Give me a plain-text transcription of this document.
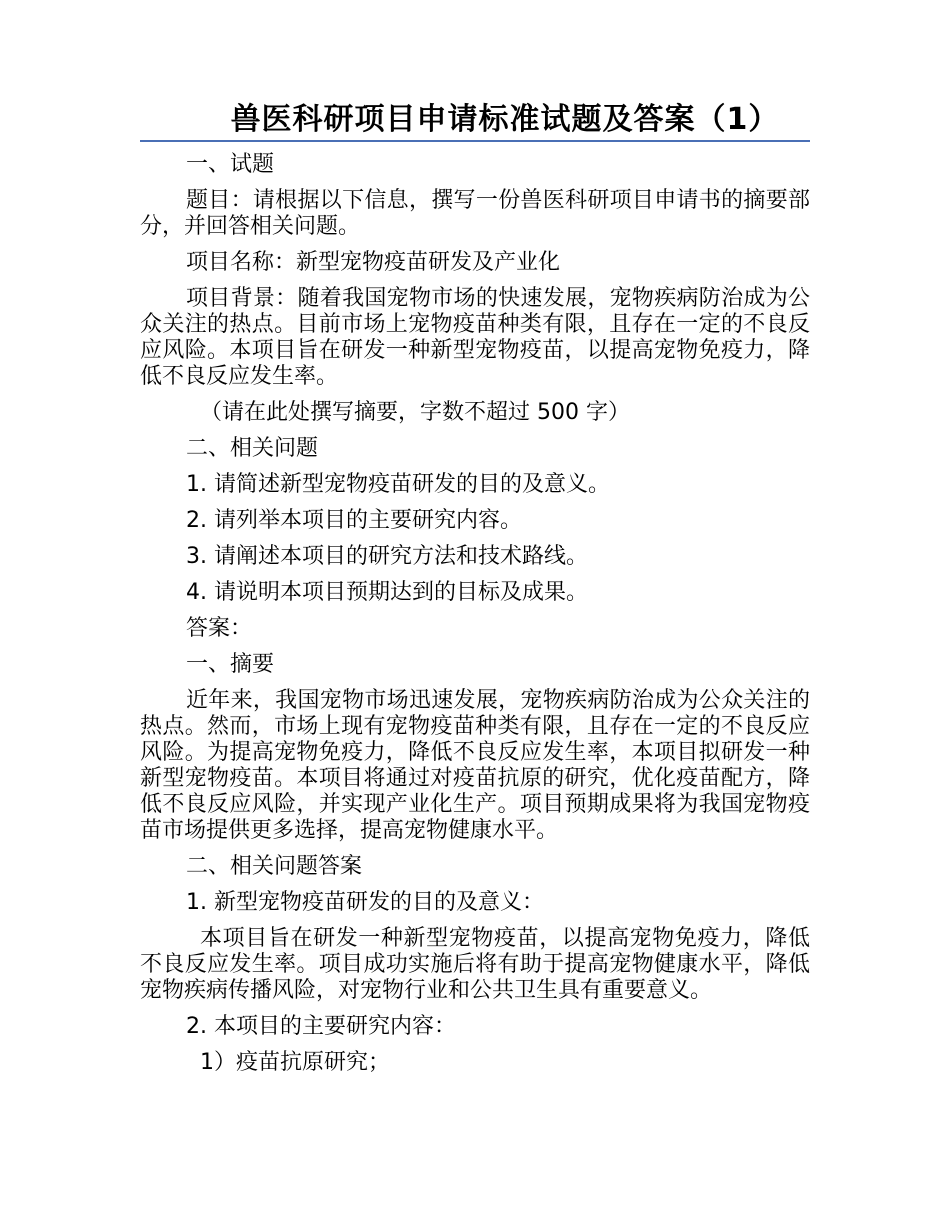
兽医科研项目申请标准试题及答案（1）

一、试题

题目：请根据以下信息，撰写一份兽医科研项目申请书的摘要部分，并回答相关问题。

项目名称：新型宠物疫苗研发及产业化

项目背景：随着我国宠物市场的快速发展，宠物疾病防治成为公众关注的热点。目前市场上宠物疫苗种类有限，且存在一定的不良反应风险。本项目旨在研发一种新型宠物疫苗，以提高宠物免疫力，降低不良反应发生率。

（请在此处撰写摘要，字数不超过 500 字）

二、相关问题

1. 请简述新型宠物疫苗研发的目的及意义。

2. 请列举本项目的主要研究内容。

3. 请阐述本项目的研究方法和技术路线。

4. 请说明本项目预期达到的目标及成果。

答案：

一、摘要

近年来，我国宠物市场迅速发展，宠物疾病防治成为公众关注的热点。然而，市场上现有宠物疫苗种类有限，且存在一定的不良反应风险。为提高宠物免疫力，降低不良反应发生率，本项目拟研发一种新型宠物疫苗。本项目将通过对疫苗抗原的研究，优化疫苗配方，降低不良反应风险，并实现产业化生产。项目预期成果将为我国宠物疫苗市场提供更多选择，提高宠物健康水平。

二、相关问题答案

1. 新型宠物疫苗研发的目的及意义：

本项目旨在研发一种新型宠物疫苗，以提高宠物免疫力，降低不良反应发生率。项目成功实施后将有助于提高宠物健康水平，降低宠物疾病传播风险，对宠物行业和公共卫生具有重要意义。

2. 本项目的主要研究内容：

1）疫苗抗原研究；
